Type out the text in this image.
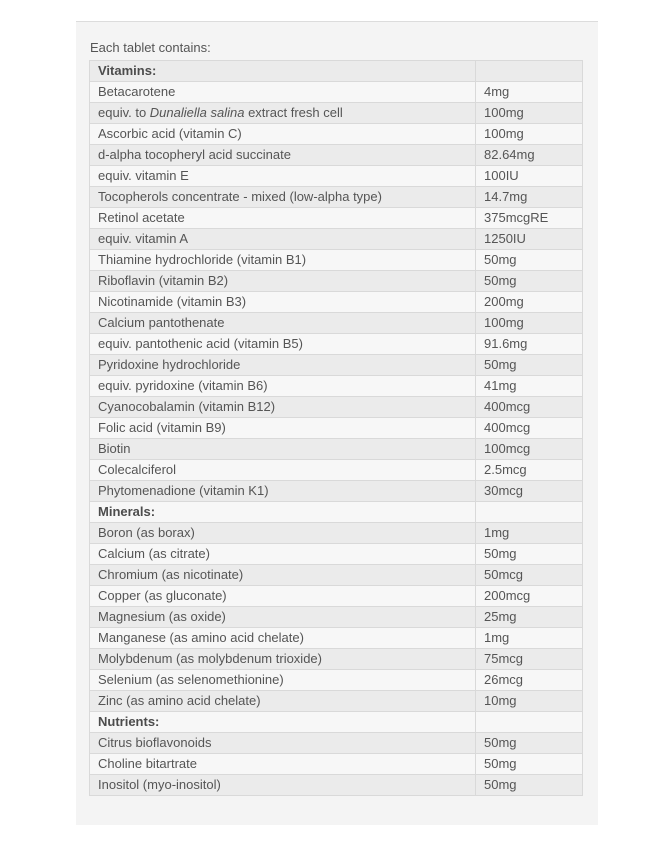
Each tablet contains:

Vitamins:	
Betacarotene	4mg
equiv. to Dunaliella salina extract fresh cell	100mg
Ascorbic acid (vitamin C)	100mg
d-alpha tocopheryl acid succinate	82.64mg
equiv. vitamin E	100IU
Tocopherols concentrate - mixed (low-alpha type)	14.7mg
Retinol acetate	375mcgRE
equiv. vitamin A	1250IU
Thiamine hydrochloride (vitamin B1)	50mg
Riboflavin (vitamin B2)	50mg
Nicotinamide (vitamin B3)	200mg
Calcium pantothenate	100mg
equiv. pantothenic acid (vitamin B5)	91.6mg
Pyridoxine hydrochloride	50mg
equiv. pyridoxine (vitamin B6)	41mg
Cyanocobalamin (vitamin B12)	400mcg
Folic acid (vitamin B9)	400mcg
Biotin	100mcg
Colecalciferol	2.5mcg
Phytomenadione (vitamin K1)	30mcg
Minerals:	
Boron (as borax)	1mg
Calcium (as citrate)	50mg
Chromium (as nicotinate)	50mcg
Copper (as gluconate)	200mcg
Magnesium (as oxide)	25mg
Manganese (as amino acid chelate)	1mg
Molybdenum (as molybdenum trioxide)	75mcg
Selenium (as selenomethionine)	26mcg
Zinc (as amino acid chelate)	10mg
Nutrients:	
Citrus bioflavonoids	50mg
Choline bitartrate	50mg
Inositol (myo-inositol)	50mg
